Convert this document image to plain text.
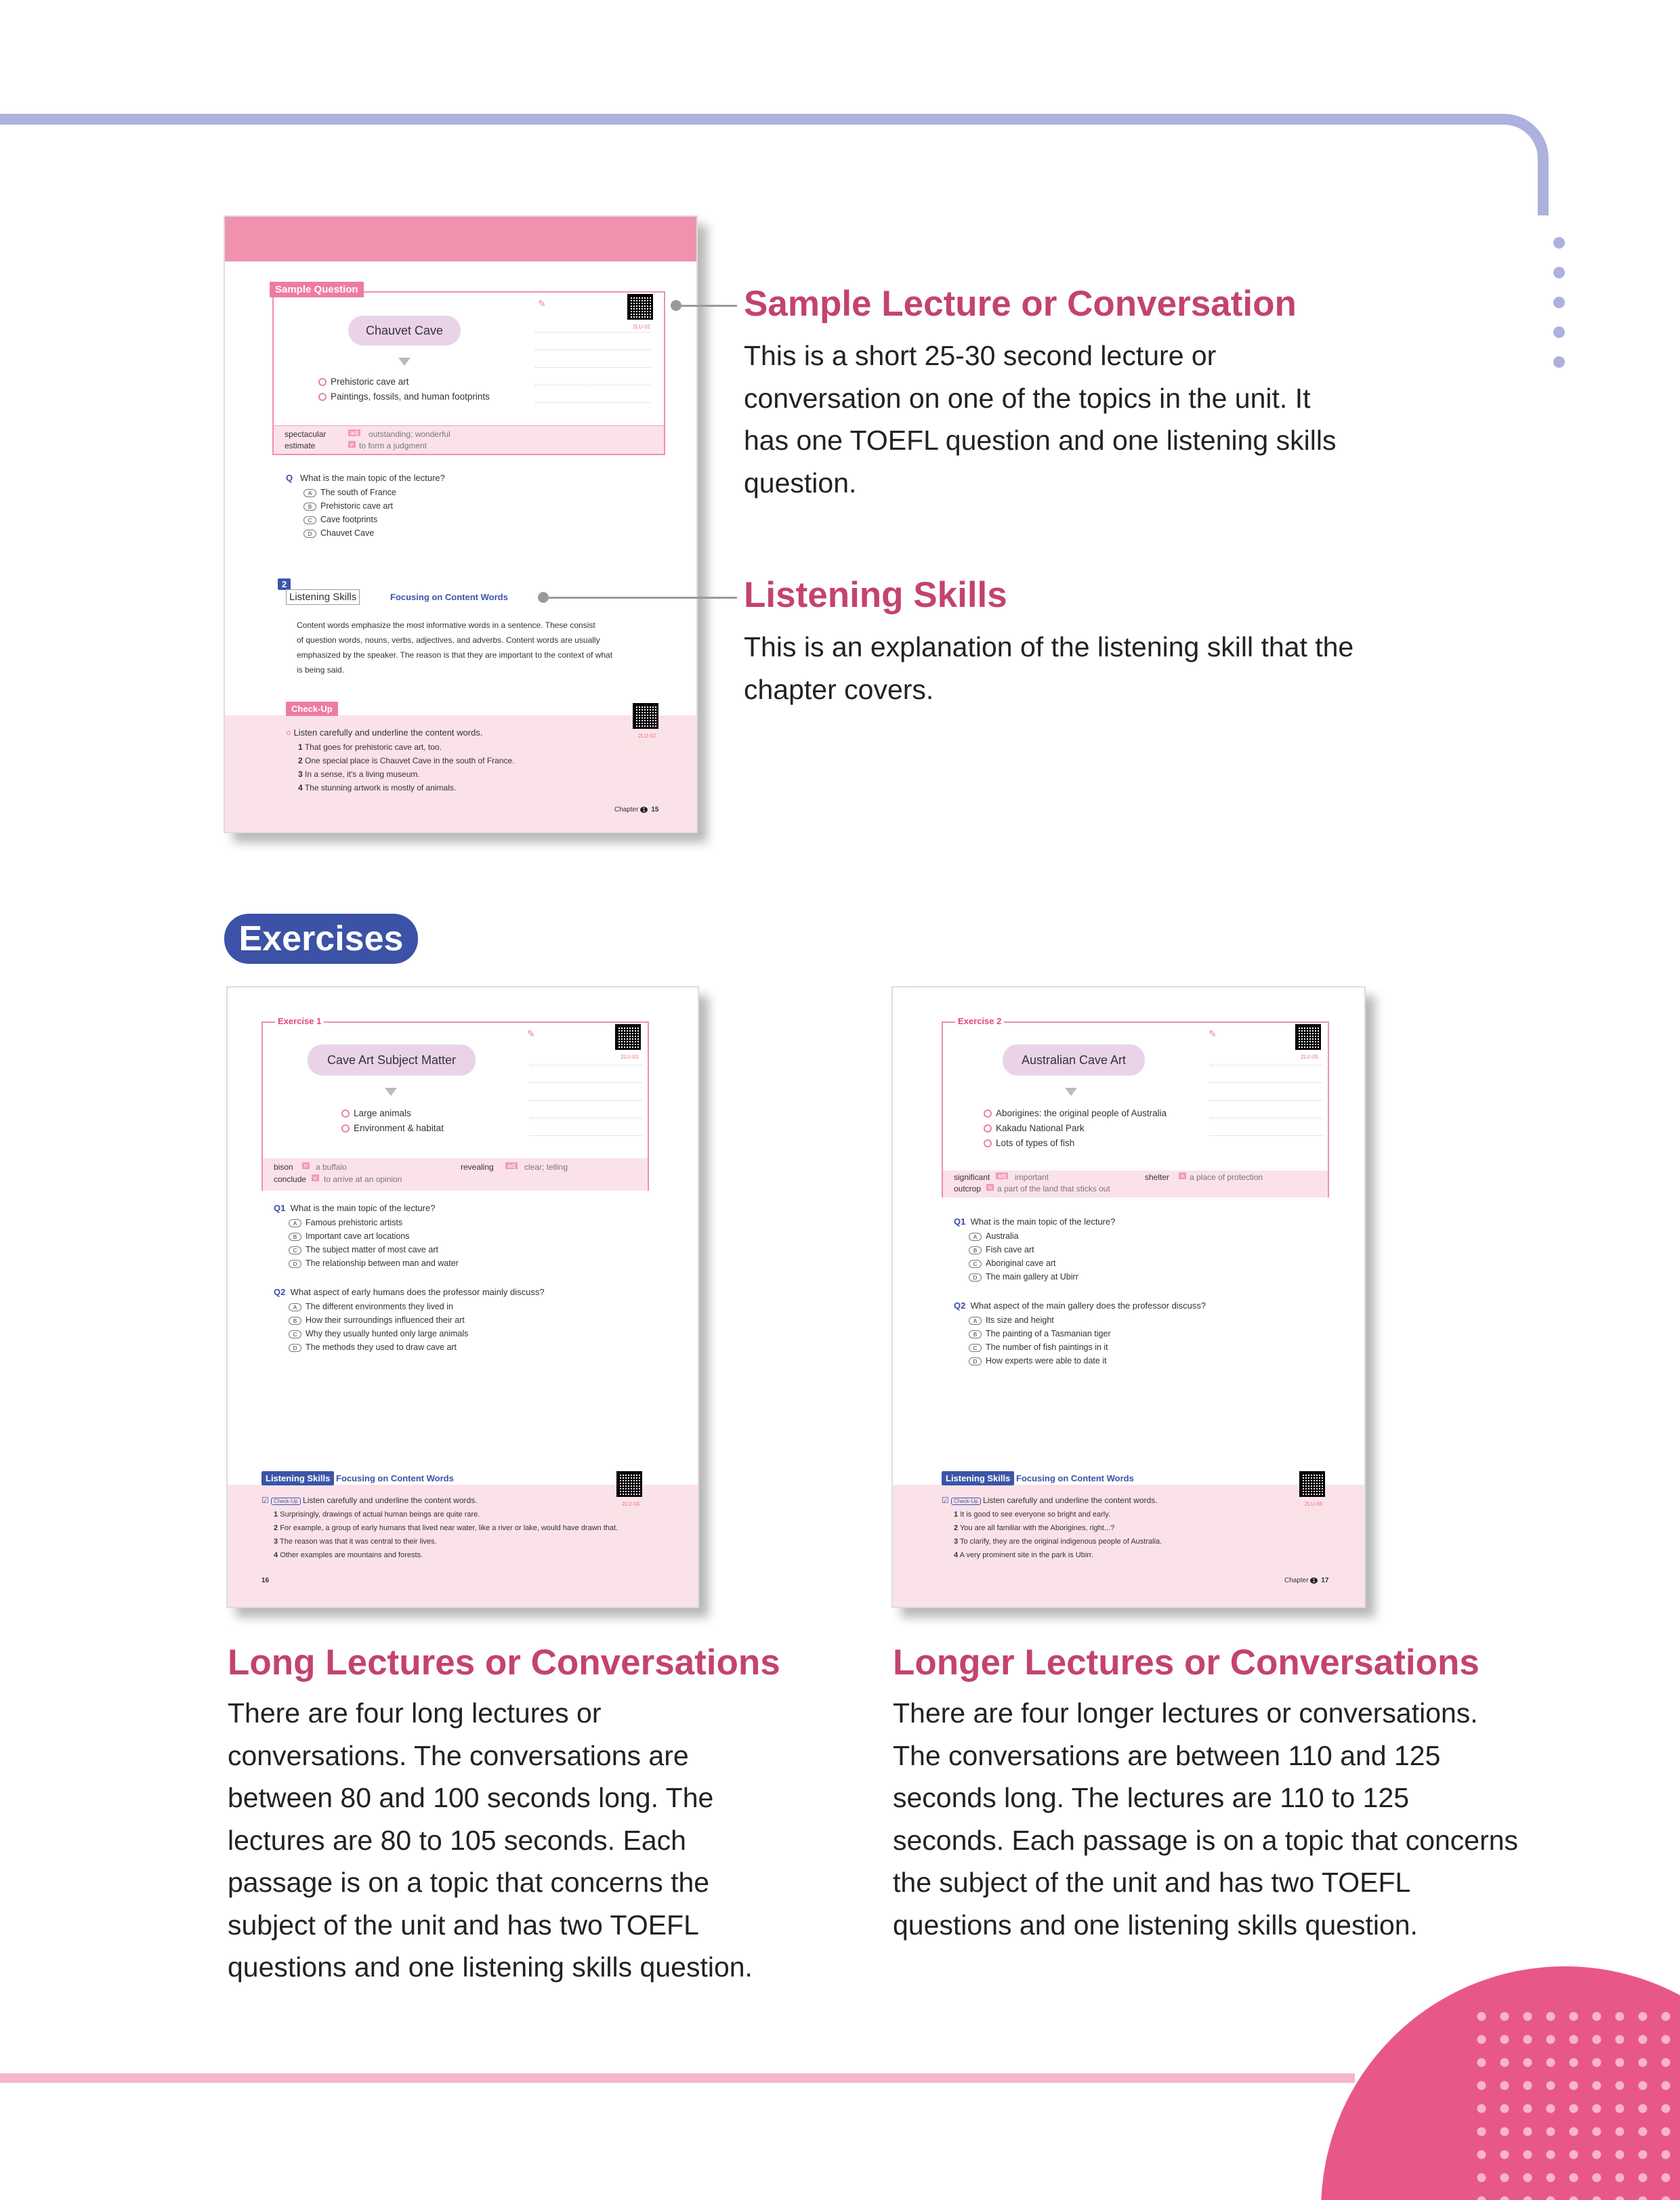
✎
2LU-01
Chauvet Cave
Prehistoric cave art
Paintings, fossils, and human footprints
spectacular	adj outstanding; wonderful
estimate	v to form a judgment
Sample Question
Q What is the main topic of the lecture?
A The south of France
B Prehistoric cave art
C Cave footprints
D Chauvet Cave
2
Listening Skills	Focusing on Content Words
Content words emphasize the most informative words in a sentence. These consist
of question words, nouns, verbs, adjectives, and adverbs. Content words are usually
emphasized by the speaker. The reason is that they are important to the context of what
is being said.
Check-Up
2LU-02
○ Listen carefully and underline the content words.
1 That goes for prehistoric cave art, too.
2 One special place is Chauvet Cave in the south of France.
3 In a sense, it's a living museum.
4 The stunning artwork is mostly of animals.
Chapter 1 15
Sample Lecture or Conversation
This is a short 25-30 second lecture or
conversation on one of the topics in the unit. It
has one TOEFL question and one listening skills
question.
Listening Skills
This is an explanation of the listening skill that the
chapter covers.
Exercises
✎
2LU-03
Cave Art Subject Matter
Large animals
Environment & habitat
Exercise 1
bison	n a buffalo	revealing	adj clear; telling
conclude	v to arrive at an opinion
Q1 What is the main topic of the lecture?
A Famous prehistoric artists
B Important cave art locations
C The subject matter of most cave art
D The relationship between man and water
Q2 What aspect of early humans does the professor mainly discuss?
A The different environments they lived in
B How their surroundings influenced their art
C Why they usually hunted only large animals
D The methods they used to draw cave art
Listening Skills Focusing on Content Words
2LU-04
☑ Check-Up Listen carefully and underline the content words.
1 Surprisingly, drawings of actual human beings are quite rare.
2 For example, a group of early humans that lived near water, like a river or lake, would have drawn that.
3 The reason was that it was central to their lives.
4 Other examples are mountains and forests.
16
✎
2LU-05
Australian Cave Art
Aborigines: the original people of Australia
Kakadu National Park
Lots of types of fish
Exercise 2
significant	adj important	shelter	n a place of protection
outcrop	n a part of the land that sticks out
Q1 What is the main topic of the lecture?
A Australia
B Fish cave art
C Aboriginal cave art
D The main gallery at Ubirr
Q2 What aspect of the main gallery does the professor discuss?
A Its size and height
B The painting of a Tasmanian tiger
C The number of fish paintings in it
D How experts were able to date it
Listening Skills Focusing on Content Words
2LU-06
☑ Check-Up Listen carefully and underline the content words.
1 It is good to see everyone so bright and early.
2 You are all familiar with the Aborigines, right...?
3 To clarify, they are the original indigenous people of Australia.
4 A very prominent site in the park is Ubirr.
Chapter 1 17
Long Lectures or Conversations
There are four long lectures or
conversations. The conversations are
between 80 and 100 seconds long. The
lectures are 80 to 105 seconds. Each
passage is on a topic that concerns the
subject of the unit and has two TOEFL
questions and one listening skills question.
Longer Lectures or Conversations
There are four longer lectures or conversations.
The conversations are between 110 and 125
seconds long. The lectures are 110 to 125
seconds. Each passage is on a topic that concerns
the subject of the unit and has two TOEFL
questions and one listening skills question.
